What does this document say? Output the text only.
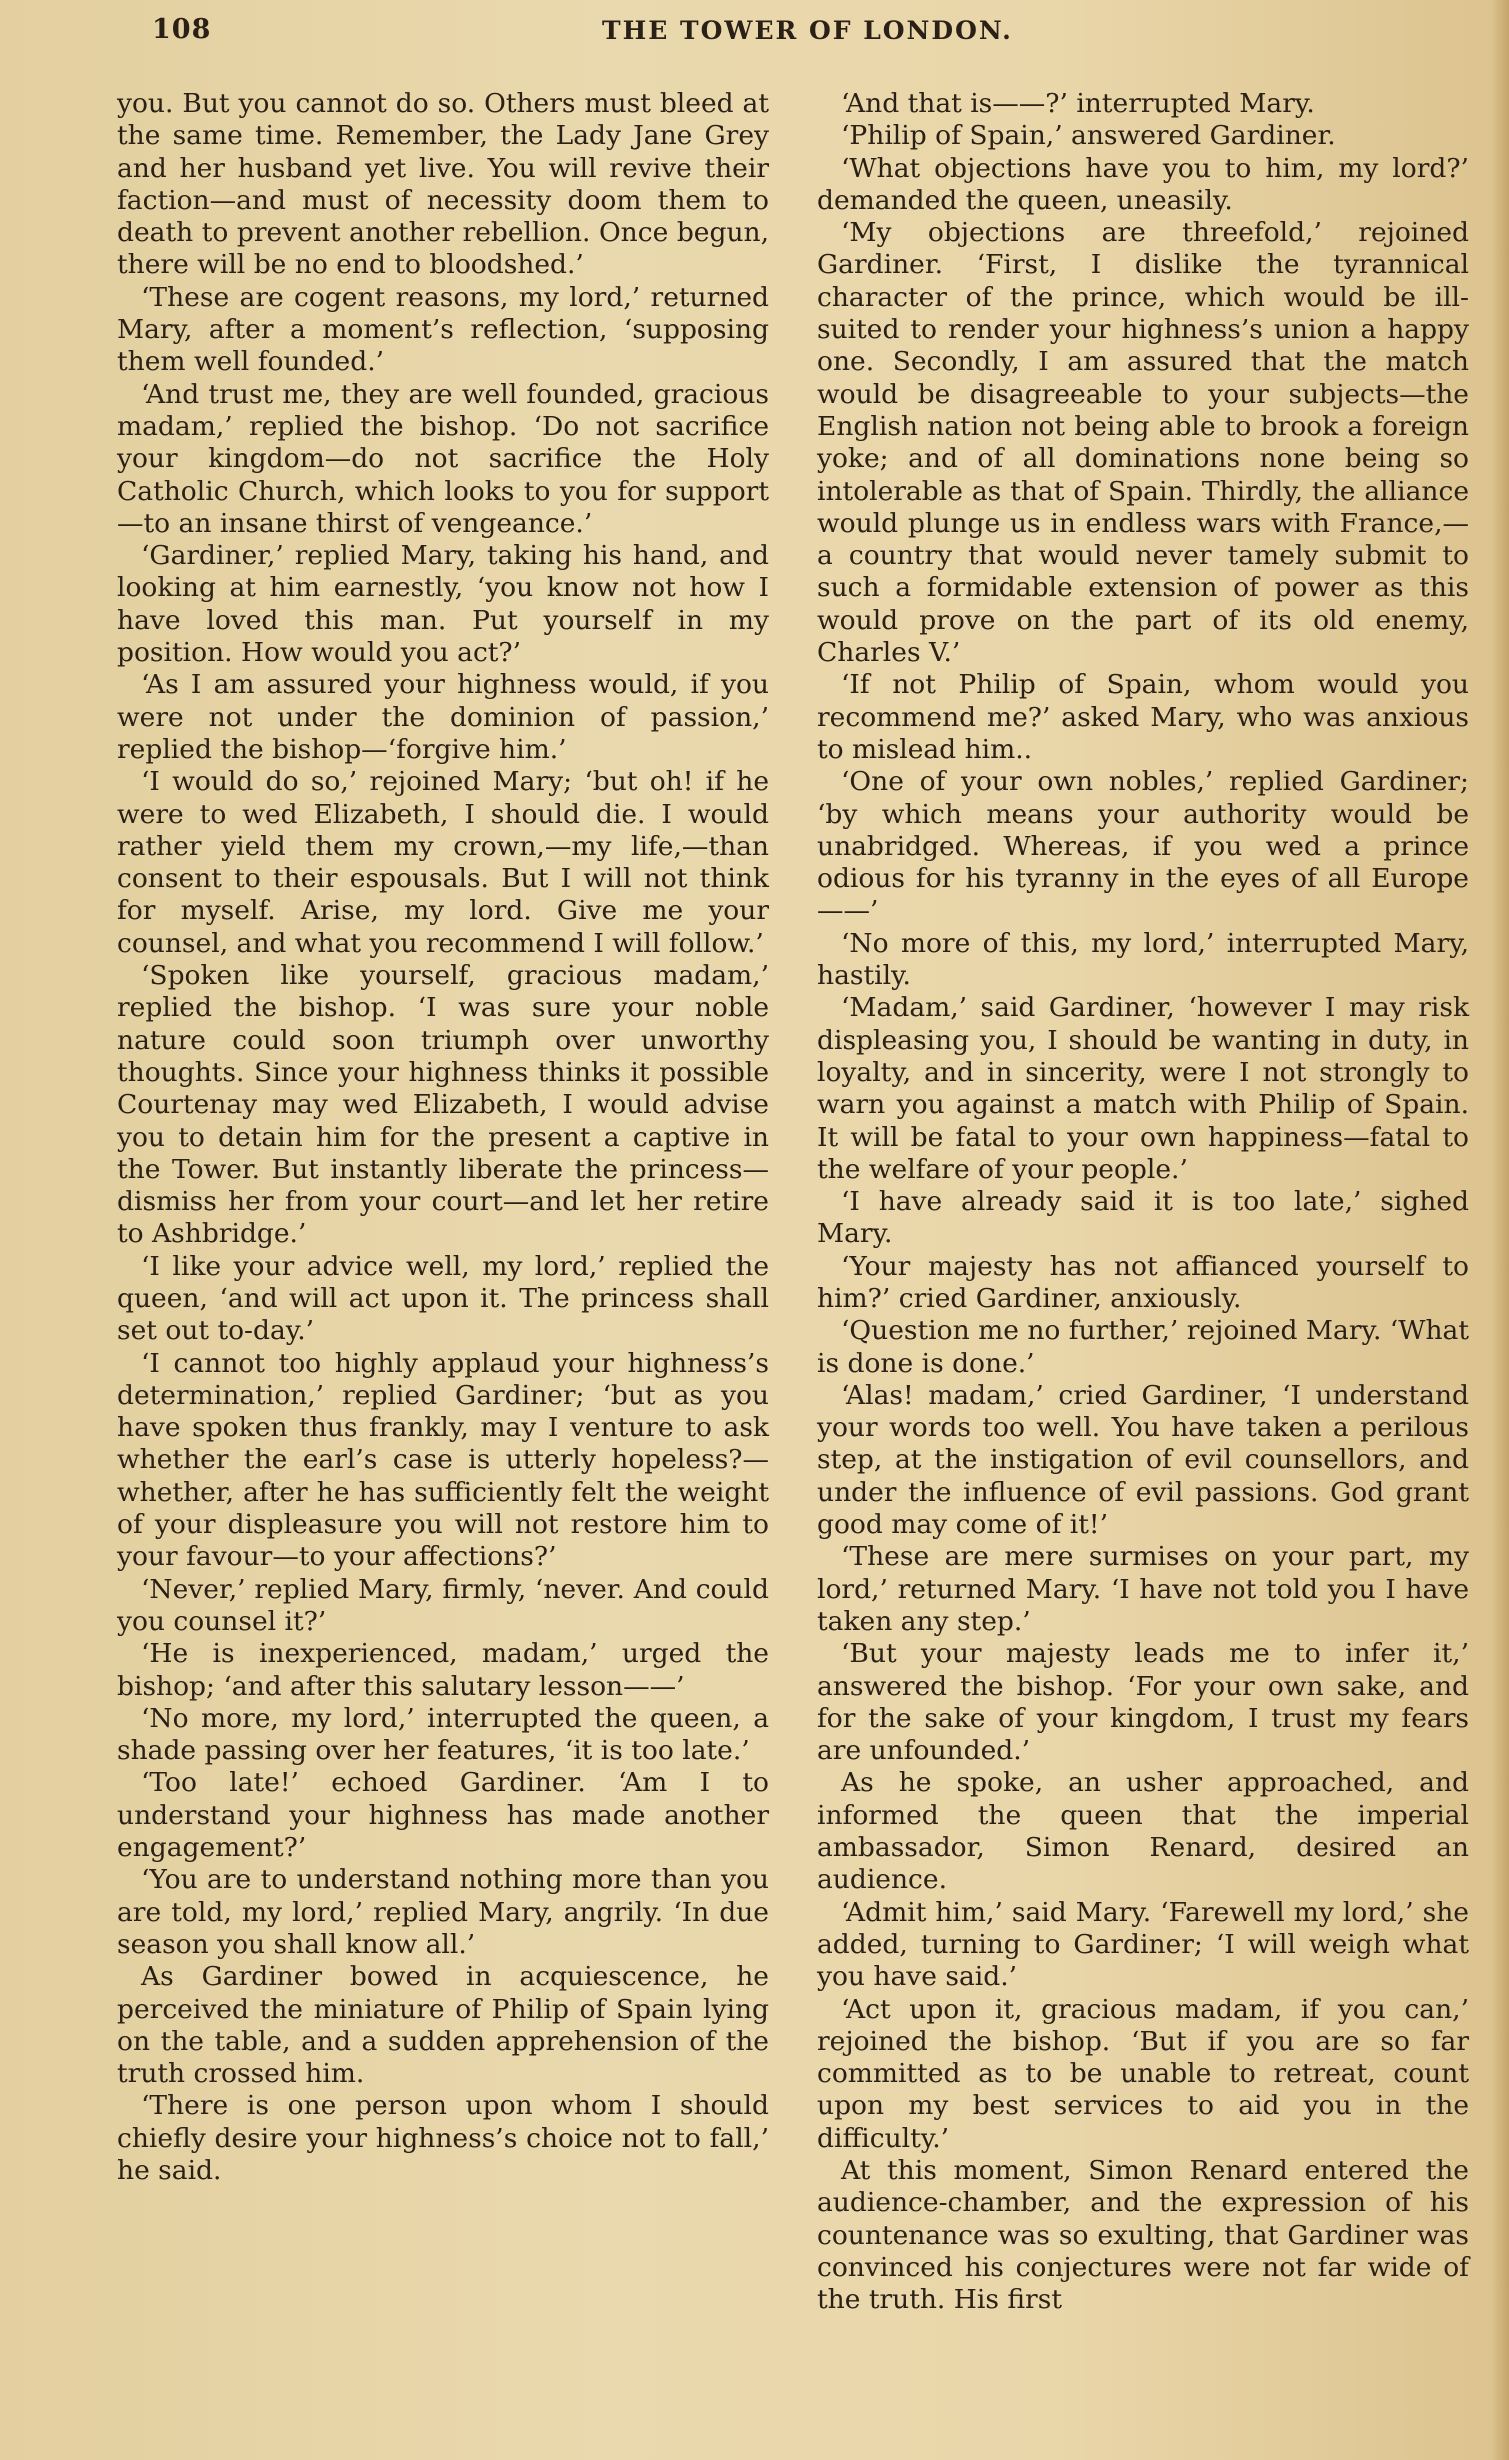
108	THE TOWER OF LONDON.

you. But you cannot do so. Others must bleed at the same time. Remember, the Lady Jane Grey and her husband yet live. You will revive their faction—and must of necessity doom them to death to prevent another rebellion. Once begun, there will be no end to bloodshed.’

‘These are cogent reasons, my lord,’ returned Mary, after a moment’s reflection, ‘supposing them well founded.’

‘And trust me, they are well founded, gracious madam,’ replied the bishop. ‘Do not sacrifice your kingdom—do not sacrifice the Holy Catholic Church, which looks to you for support—to an insane thirst of vengeance.’

‘Gardiner,’ replied Mary, taking his hand, and looking at him earnestly, ‘you know not how I have loved this man. Put yourself in my position. How would you act?’

‘As I am assured your highness would, if you were not under the dominion of passion,’ replied the bishop—‘forgive him.’

‘I would do so,’ rejoined Mary; ‘but oh! if he were to wed Elizabeth, I should die. I would rather yield them my crown,—my life,—than consent to their espousals. But I will not think for myself. Arise, my lord. Give me your counsel, and what you recommend I will follow.’

‘Spoken like yourself, gracious madam,’ replied the bishop. ‘I was sure your noble nature could soon triumph over unworthy thoughts. Since your highness thinks it possible Courtenay may wed Elizabeth, I would advise you to detain him for the present a captive in the Tower. But instantly liberate the princess—dismiss her from your court—and let her retire to Ashbridge.’

‘I like your advice well, my lord,’ replied the queen, ‘and will act upon it. The princess shall set out to-day.’

‘I cannot too highly applaud your highness’s determination,’ replied Gardiner; ‘but as you have spoken thus frankly, may I venture to ask whether the earl’s case is utterly hopeless?—whether, after he has sufficiently felt the weight of your displeasure you will not restore him to your favour—to your affections?’

‘Never,’ replied Mary, firmly, ‘never. And could you counsel it?’

‘He is inexperienced, madam,’ urged the bishop; ‘and after this salutary lesson——’

‘No more, my lord,’ interrupted the queen, a shade passing over her features, ‘it is too late.’

‘Too late!’ echoed Gardiner. ‘Am I to understand your highness has made another engagement?’

‘You are to understand nothing more than you are told, my lord,’ replied Mary, angrily. ‘In due season you shall know all.’

As Gardiner bowed in acquiescence, he perceived the miniature of Philip of Spain lying on the table, and a sudden apprehension of the truth crossed him.

‘There is one person upon whom I should chiefly desire your highness’s choice not to fall,’ he said.

‘And that is——?’ interrupted Mary.

‘Philip of Spain,’ answered Gardiner.

‘What objections have you to him, my lord?’ demanded the queen, uneasily.

‘My objections are threefold,’ rejoined Gardiner. ‘First, I dislike the tyrannical character of the prince, which would be ill-suited to render your highness’s union a happy one. Secondly, I am assured that the match would be disagreeable to your subjects—the English nation not being able to brook a foreign yoke; and of all dominations none being so intolerable as that of Spain. Thirdly, the alliance would plunge us in endless wars with France,—a country that would never tamely submit to such a formidable extension of power as this would prove on the part of its old enemy, Charles V.’

‘If not Philip of Spain, whom would you recommend me?’ asked Mary, who was anxious to mislead him..

‘One of your own nobles,’ replied Gardiner; ‘by which means your authority would be unabridged. Whereas, if you wed a prince odious for his tyranny in the eyes of all Europe——’

‘No more of this, my lord,’ interrupted Mary, hastily.

‘Madam,’ said Gardiner, ‘however I may risk displeasing you, I should be wanting in duty, in loyalty, and in sincerity, were I not strongly to warn you against a match with Philip of Spain. It will be fatal to your own happiness—fatal to the welfare of your people.’

‘I have already said it is too late,’ sighed Mary.

‘Your majesty has not affianced yourself to him?’ cried Gardiner, anxiously.

‘Question me no further,’ rejoined Mary. ‘What is done is done.’

‘Alas! madam,’ cried Gardiner, ‘I understand your words too well. You have taken a perilous step, at the instigation of evil counsellors, and under the influence of evil passions. God grant good may come of it!’

‘These are mere surmises on your part, my lord,’ returned Mary. ‘I have not told you I have taken any step.’

‘But your majesty leads me to infer it,’ answered the bishop. ‘For your own sake, and for the sake of your kingdom, I trust my fears are unfounded.’

As he spoke, an usher approached, and informed the queen that the imperial ambassador, Simon Renard, desired an audience.

‘Admit him,’ said Mary. ‘Farewell my lord,’ she added, turning to Gardiner; ‘I will weigh what you have said.’

‘Act upon it, gracious madam, if you can,’ rejoined the bishop. ‘But if you are so far committed as to be unable to retreat, count upon my best services to aid you in the difficulty.’

At this moment, Simon Renard entered the audience-chamber, and the expression of his countenance was so exulting, that Gardiner was convinced his conjectures were not far wide of the truth. His first
